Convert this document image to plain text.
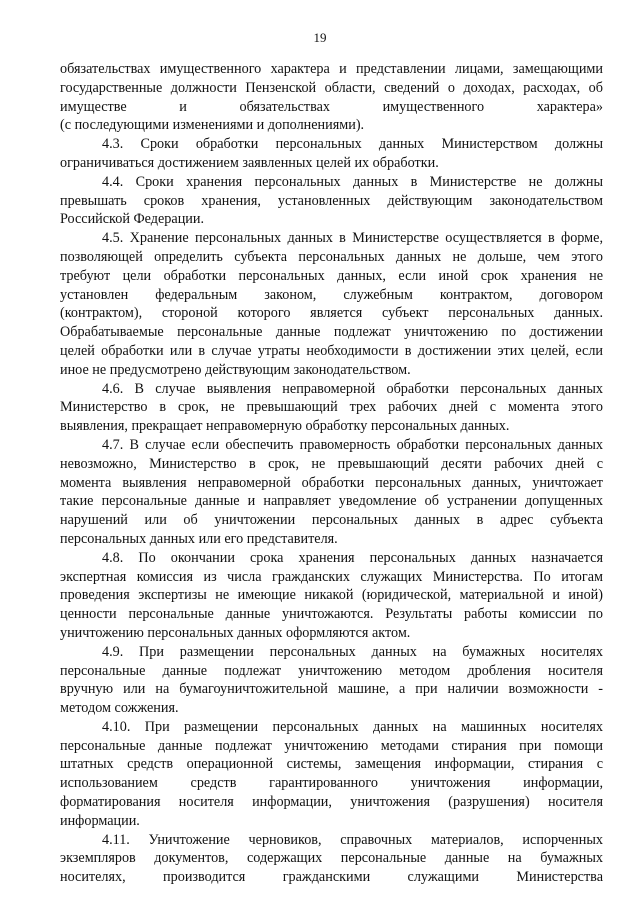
19
обязательствах имущественного характера и представлении лицами, замещающими
государственные должности Пензенской области, сведений о доходах, расходах, об
имуществе и обязательствах имущественного характера»
(с последующими изменениями и дополнениями).
4.3. Сроки обработки персональных данных Министерством должны
ограничиваться достижением заявленных целей их обработки.
4.4. Сроки хранения персональных данных в Министерстве не должны
превышать сроков хранения, установленных действующим законодательством
Российской Федерации.
4.5. Хранение персональных данных в Министерстве осуществляется в форме,
позволяющей определить субъекта персональных данных не дольше, чем этого
требуют цели обработки персональных данных, если иной срок хранения не
установлен федеральным законом, служебным контрактом, договором
(контрактом), стороной которого является субъект персональных данных.
Обрабатываемые персональные данные подлежат уничтожению по достижении
целей обработки или в случае утраты необходимости в достижении этих целей, если
иное не предусмотрено действующим законодательством.
4.6. В случае выявления неправомерной обработки персональных данных
Министерство в срок, не превышающий трех рабочих дней с момента этого
выявления, прекращает неправомерную обработку персональных данных.
4.7. В случае если обеспечить правомерность обработки персональных данных
невозможно, Министерство в срок, не превышающий десяти рабочих дней с
момента выявления неправомерной обработки персональных данных, уничтожает
такие персональные данные и направляет уведомление об устранении допущенных
нарушений или об уничтожении персональных данных в адрес субъекта
персональных данных или его представителя.
4.8. По окончании срока хранения персональных данных назначается
экспертная комиссия из числа гражданских служащих Министерства. По итогам
проведения экспертизы не имеющие никакой (юридической, материальной и иной)
ценности персональные данные уничтожаются. Результаты работы комиссии по
уничтожению персональных данных оформляются актом.
4.9. При размещении персональных данных на бумажных носителях
персональные данные подлежат уничтожению методом дробления носителя
вручную или на бумагоуничтожительной машине, а при наличии возможности -
методом сожжения.
4.10. При размещении персональных данных на машинных носителях
персональные данные подлежат уничтожению методами стирания при помощи
штатных средств операционной системы, замещения информации, стирания с
использованием средств гарантированного уничтожения информации,
форматирования носителя информации, уничтожения (разрушения) носителя
информации.
4.11. Уничтожение черновиков, справочных материалов, испорченных
экземпляров документов, содержащих персональные данные на бумажных
носителях, производится гражданскими служащими Министерства
